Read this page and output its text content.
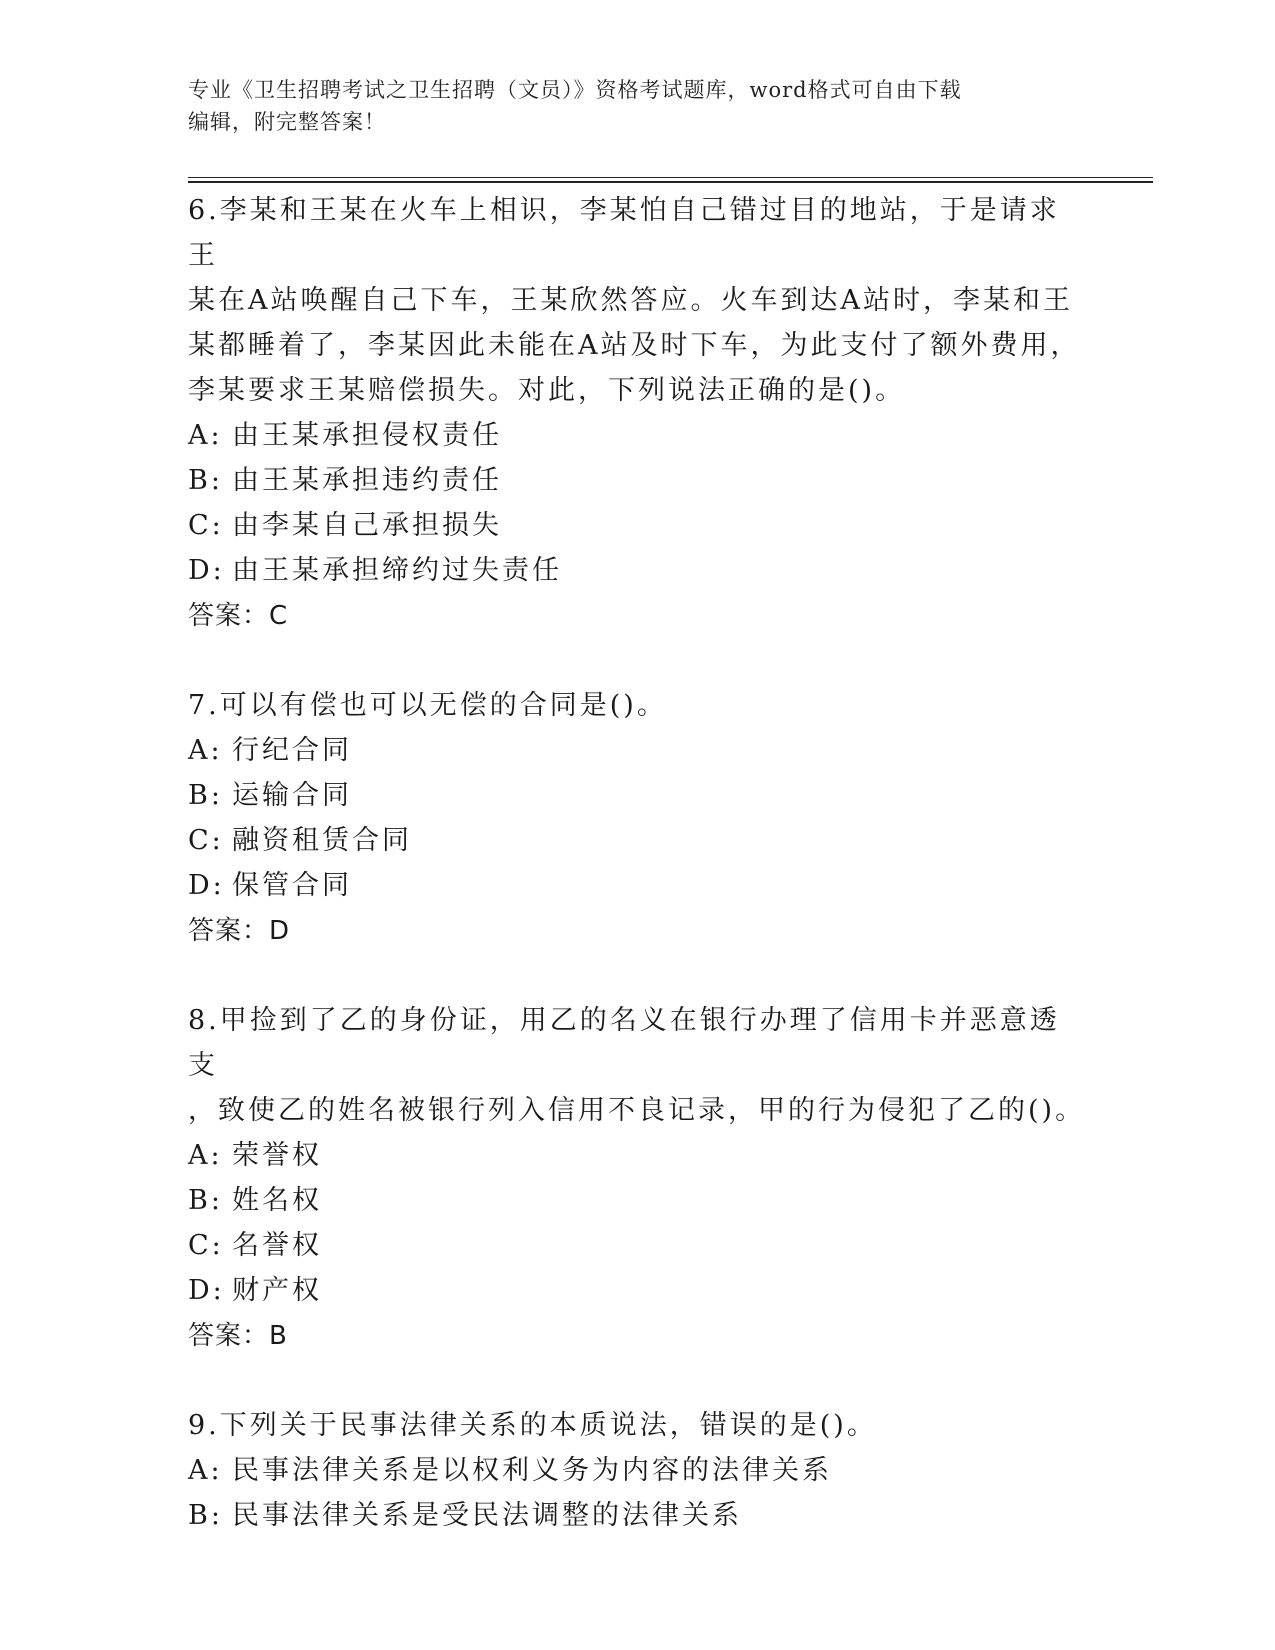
专业《卫生招聘考试之卫生招聘（文员）》资格考试题库，word格式可自由下载
编辑，附完整答案！

6.李某和王某在火车上相识，李某怕自己错过目的地站，于是请求王

某在A站唤醒自己下车，王某欣然答应。火车到达A站时，李某和王

某都睡着了，李某因此未能在A站及时下车，为此支付了额外费用，

李某要求王某赔偿损失。对此，下列说法正确的是()。

A: 由王某承担侵权责任

B: 由王某承担违约责任

C: 由李某自己承担损失

D: 由王某承担缔约过失责任

答案：C

7.可以有偿也可以无偿的合同是()。

A: 行纪合同

B: 运输合同

C: 融资租赁合同

D: 保管合同

答案：D

8.甲捡到了乙的身份证，用乙的名义在银行办理了信用卡并恶意透支

，致使乙的姓名被银行列入信用不良记录，甲的行为侵犯了乙的()。

A: 荣誉权

B: 姓名权

C: 名誉权

D: 财产权

答案：B

9.下列关于民事法律关系的本质说法，错误的是()。

A: 民事法律关系是以权利义务为内容的法律关系

B: 民事法律关系是受民法调整的法律关系
